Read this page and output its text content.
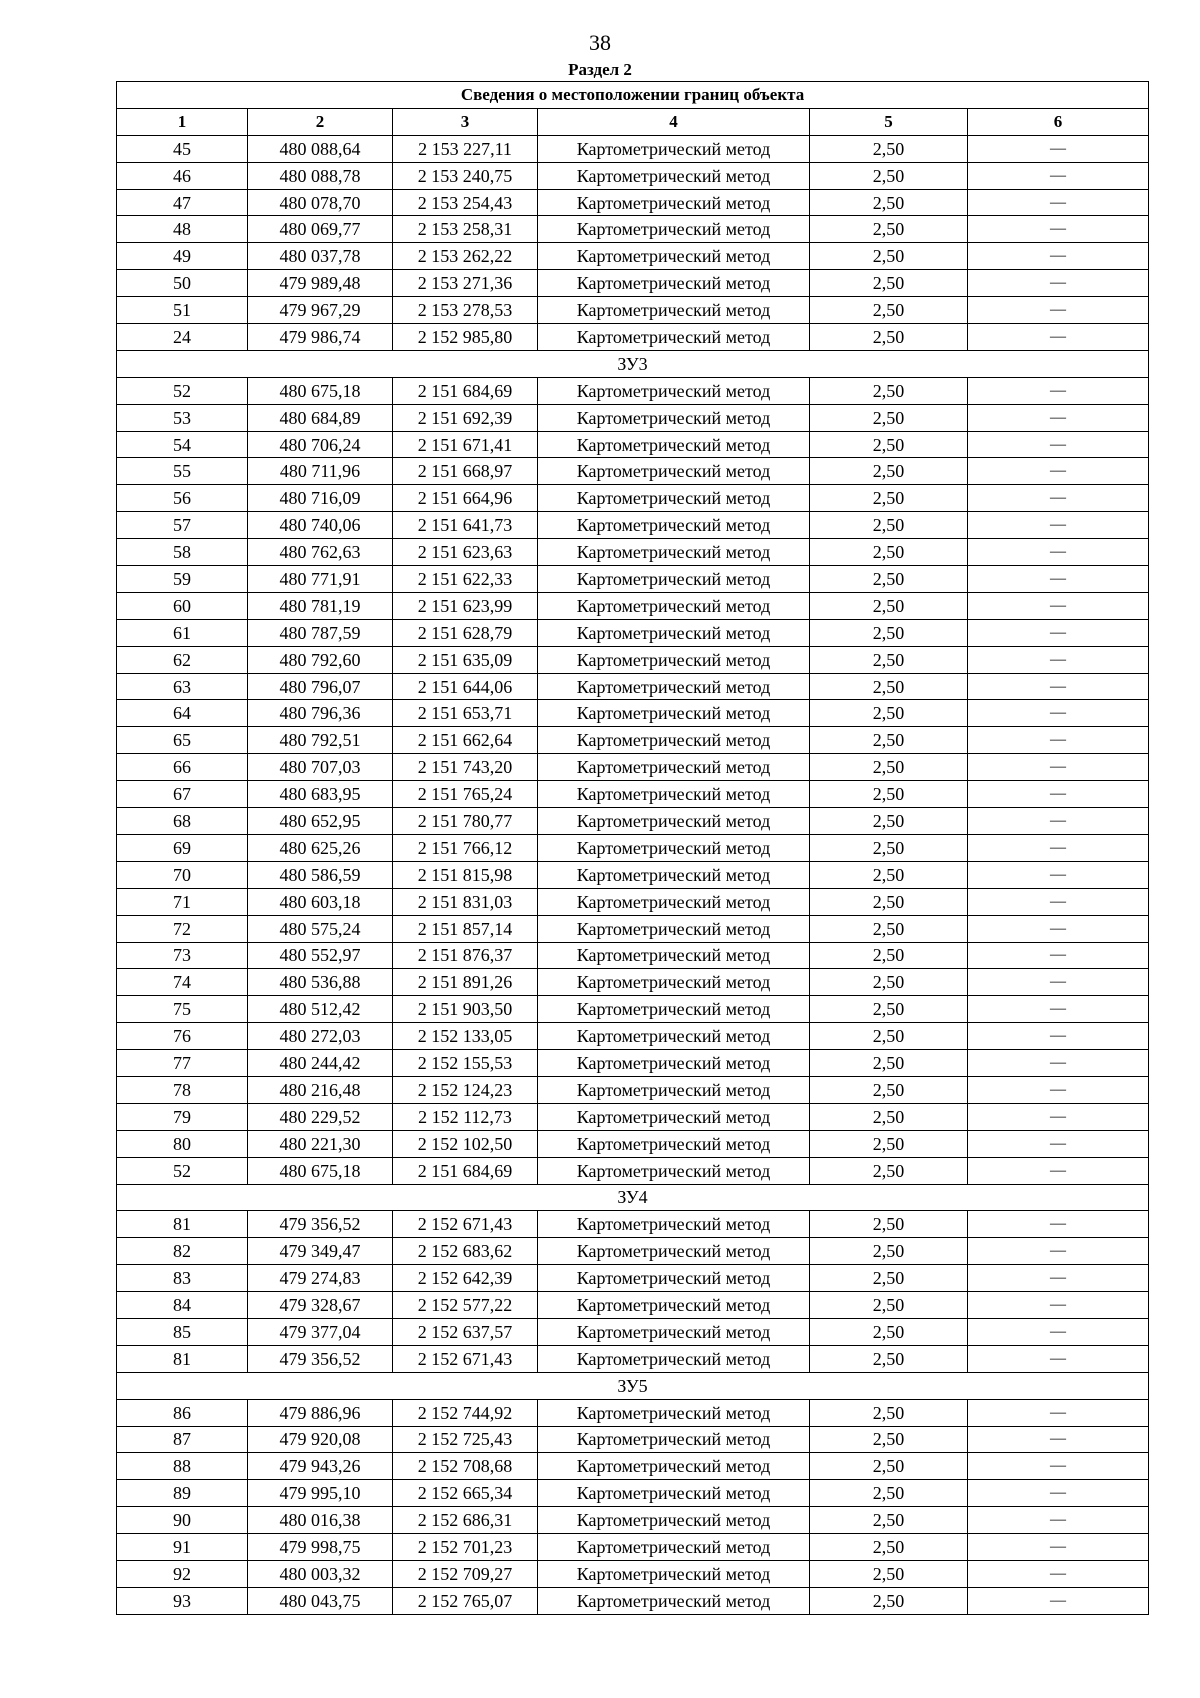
38
Раздел 2
Сведения о местоположении границ объекта					
1	2	3	4	5	6
45	480 088,64	2 153 227,11	Картометрический метод	2,50	—
46	480 088,78	2 153 240,75	Картометрический метод	2,50	—
47	480 078,70	2 153 254,43	Картометрический метод	2,50	—
48	480 069,77	2 153 258,31	Картометрический метод	2,50	—
49	480 037,78	2 153 262,22	Картометрический метод	2,50	—
50	479 989,48	2 153 271,36	Картометрический метод	2,50	—
51	479 967,29	2 153 278,53	Картометрический метод	2,50	—
24	479 986,74	2 152 985,80	Картометрический метод	2,50	—
ЗУ3					
52	480 675,18	2 151 684,69	Картометрический метод	2,50	—
53	480 684,89	2 151 692,39	Картометрический метод	2,50	—
54	480 706,24	2 151 671,41	Картометрический метод	2,50	—
55	480 711,96	2 151 668,97	Картометрический метод	2,50	—
56	480 716,09	2 151 664,96	Картометрический метод	2,50	—
57	480 740,06	2 151 641,73	Картометрический метод	2,50	—
58	480 762,63	2 151 623,63	Картометрический метод	2,50	—
59	480 771,91	2 151 622,33	Картометрический метод	2,50	—
60	480 781,19	2 151 623,99	Картометрический метод	2,50	—
61	480 787,59	2 151 628,79	Картометрический метод	2,50	—
62	480 792,60	2 151 635,09	Картометрический метод	2,50	—
63	480 796,07	2 151 644,06	Картометрический метод	2,50	—
64	480 796,36	2 151 653,71	Картометрический метод	2,50	—
65	480 792,51	2 151 662,64	Картометрический метод	2,50	—
66	480 707,03	2 151 743,20	Картометрический метод	2,50	—
67	480 683,95	2 151 765,24	Картометрический метод	2,50	—
68	480 652,95	2 151 780,77	Картометрический метод	2,50	—
69	480 625,26	2 151 766,12	Картометрический метод	2,50	—
70	480 586,59	2 151 815,98	Картометрический метод	2,50	—
71	480 603,18	2 151 831,03	Картометрический метод	2,50	—
72	480 575,24	2 151 857,14	Картометрический метод	2,50	—
73	480 552,97	2 151 876,37	Картометрический метод	2,50	—
74	480 536,88	2 151 891,26	Картометрический метод	2,50	—
75	480 512,42	2 151 903,50	Картометрический метод	2,50	—
76	480 272,03	2 152 133,05	Картометрический метод	2,50	—
77	480 244,42	2 152 155,53	Картометрический метод	2,50	—
78	480 216,48	2 152 124,23	Картометрический метод	2,50	—
79	480 229,52	2 152 112,73	Картометрический метод	2,50	—
80	480 221,30	2 152 102,50	Картометрический метод	2,50	—
52	480 675,18	2 151 684,69	Картометрический метод	2,50	—
ЗУ4					
81	479 356,52	2 152 671,43	Картометрический метод	2,50	—
82	479 349,47	2 152 683,62	Картометрический метод	2,50	—
83	479 274,83	2 152 642,39	Картометрический метод	2,50	—
84	479 328,67	2 152 577,22	Картометрический метод	2,50	—
85	479 377,04	2 152 637,57	Картометрический метод	2,50	—
81	479 356,52	2 152 671,43	Картометрический метод	2,50	—
ЗУ5					
86	479 886,96	2 152 744,92	Картометрический метод	2,50	—
87	479 920,08	2 152 725,43	Картометрический метод	2,50	—
88	479 943,26	2 152 708,68	Картометрический метод	2,50	—
89	479 995,10	2 152 665,34	Картометрический метод	2,50	—
90	480 016,38	2 152 686,31	Картометрический метод	2,50	—
91	479 998,75	2 152 701,23	Картометрический метод	2,50	—
92	480 003,32	2 152 709,27	Картометрический метод	2,50	—
93	480 043,75	2 152 765,07	Картометрический метод	2,50	—
